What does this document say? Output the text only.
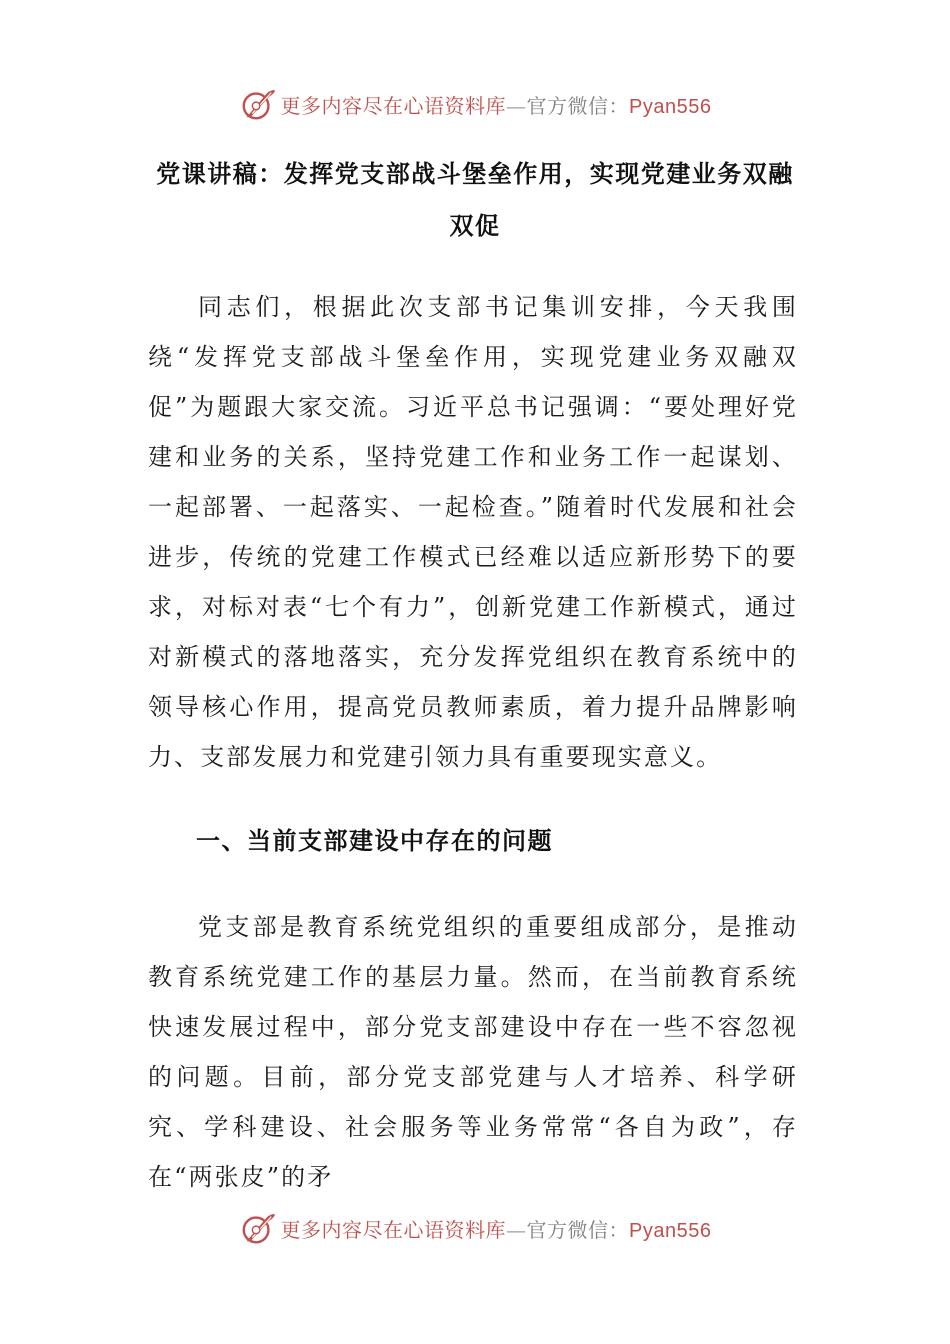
更多内容尽在心语资料库—官方微信：Pyan556
党课讲稿：发挥党支部战斗堡垒作用，实现党建业务双融双促
同志们，根据此次支部书记集训安排，今天我围绕“发挥党支部战斗堡垒作用，实现党建业务双融双促”为题跟大家交流。习近平总书记强调：“要处理好党建和业务的关系，坚持党建工作和业务工作一起谋划、一起部署、一起落实、一起检查。”随着时代发展和社会进步，传统的党建工作模式已经难以适应新形势下的要求，对标对表“七个有力”，创新党建工作新模式，通过对新模式的落地落实，充分发挥党组织在教育系统中的领导核心作用，提高党员教师素质，着力提升品牌影响力、支部发展力和党建引领力具有重要现实意义。
一、当前支部建设中存在的问题
党支部是教育系统党组织的重要组成部分，是推动教育系统党建工作的基层力量。然而，在当前教育系统快速发展过程中，部分党支部建设中存在一些不容忽视的问题。目前，部分党支部党建与人才培养、科学研究、学科建设、社会服务等业务常常“各自为政”，存在“两张皮”的矛
更多内容尽在心语资料库—官方微信：Pyan556
